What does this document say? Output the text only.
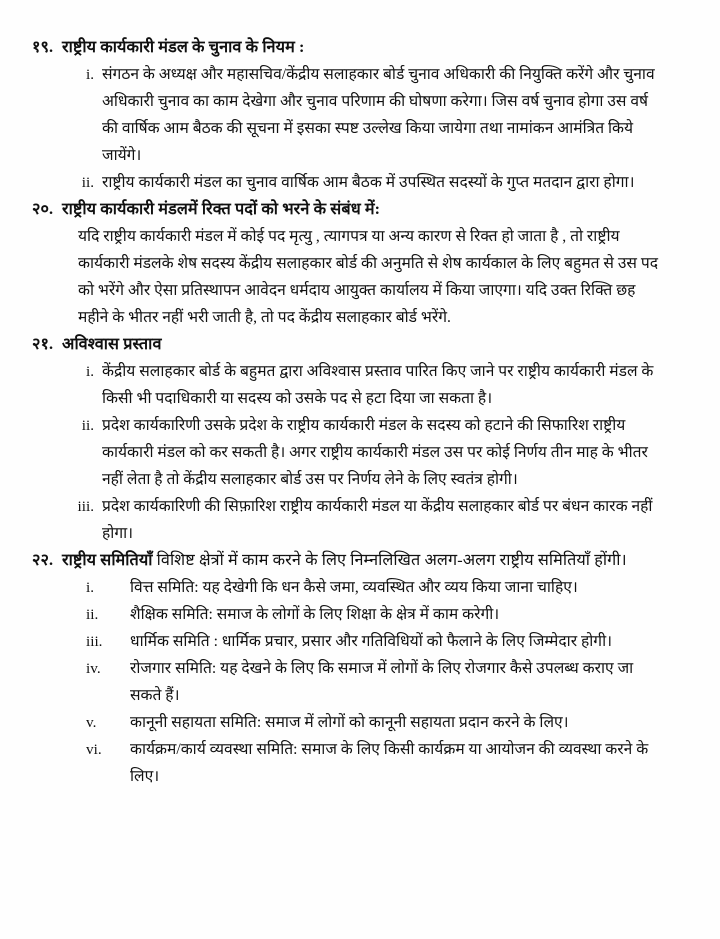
१९. राष्ट्रीय कार्यकारी मंडल के चुनाव के नियम :
i. संगठन के अध्यक्ष और महासचिव/केंद्रीय सलाहकार बोर्ड चुनाव अधिकारी की नियुक्ति करेंगे और चुनाव अधिकारी चुनाव का काम देखेगा और चुनाव परिणाम की घोषणा करेगा। जिस वर्ष चुनाव होगा उस वर्ष की वार्षिक आम बैठक की सूचना में इसका स्पष्ट उल्लेख किया जायेगा तथा नामांकन आमंत्रित किये जायेंगे।
ii. राष्ट्रीय कार्यकारी मंडल का चुनाव वार्षिक आम बैठक में उपस्थित सदस्यों के गुप्त मतदान द्वारा होगा।
२०. राष्ट्रीय कार्यकारी मंडलमें रिक्त पदों को भरने के संबंध में:

यदि राष्ट्रीय कार्यकारी मंडल में कोई पद मृत्यु , त्यागपत्र या अन्य कारण से रिक्त हो जाता है , तो राष्ट्रीय कार्यकारी मंडलके शेष सदस्य केंद्रीय सलाहकार बोर्ड की अनुमति से शेष कार्यकाल के लिए बहुमत से उस पद को भरेंगे और ऐसा प्रतिस्थापन आवेदन धर्मदाय आयुक्त कार्यालय में किया जाएगा। यदि उक्त रिक्ति छह महीने के भीतर नहीं भरी जाती है, तो पद केंद्रीय सलाहकार बोर्ड भरेंगे.

२१. अविश्वास प्रस्ताव
i. केंद्रीय सलाहकार बोर्ड के बहुमत द्वारा अविश्वास प्रस्ताव पारित किए जाने पर राष्ट्रीय कार्यकारी मंडल के किसी भी पदाधिकारी या सदस्य को उसके पद से हटा दिया जा सकता है।
ii. प्रदेश कार्यकारिणी उसके प्रदेश के राष्ट्रीय कार्यकारी मंडल के सदस्य को हटाने की सिफारिश राष्ट्रीय कार्यकारी मंडल को कर सकती है। अगर राष्ट्रीय कार्यकारी मंडल उस पर कोई निर्णय तीन माह के भीतर नहीं लेता है तो केंद्रीय सलाहकार बोर्ड उस पर निर्णय लेने के लिए स्वतंत्र होगी।
iii. प्रदेश कार्यकारिणी की सिफ़ारिश राष्ट्रीय कार्यकारी मंडल या केंद्रीय सलाहकार बोर्ड पर बंधन कारक नहीं होगा।
२२. राष्ट्रीय समितियाँ विशिष्ट क्षेत्रों में काम करने के लिए निम्नलिखित अलग-अलग राष्ट्रीय समितियाँ होंगी।
i.	वित्त समिति: यह देखेगी कि धन कैसे जमा, व्यवस्थित और व्यय किया जाना चाहिए।
ii.	शैक्षिक समिति: समाज के लोगों के लिए शिक्षा के क्षेत्र में काम करेगी।
iii.	धार्मिक समिति : धार्मिक प्रचार, प्रसार और गतिविधियों को फैलाने के लिए जिम्मेदार होगी।
iv.	रोजगार समिति: यह देखने के लिए कि समाज में लोगों के लिए रोजगार कैसे उपलब्ध कराए जा सकते हैं।
v.	कानूनी सहायता समिति: समाज में लोगों को कानूनी सहायता प्रदान करने के लिए।
vi.	कार्यक्रम/कार्य व्यवस्था समिति: समाज के लिए किसी कार्यक्रम या आयोजन की व्यवस्था करने के लिए।
